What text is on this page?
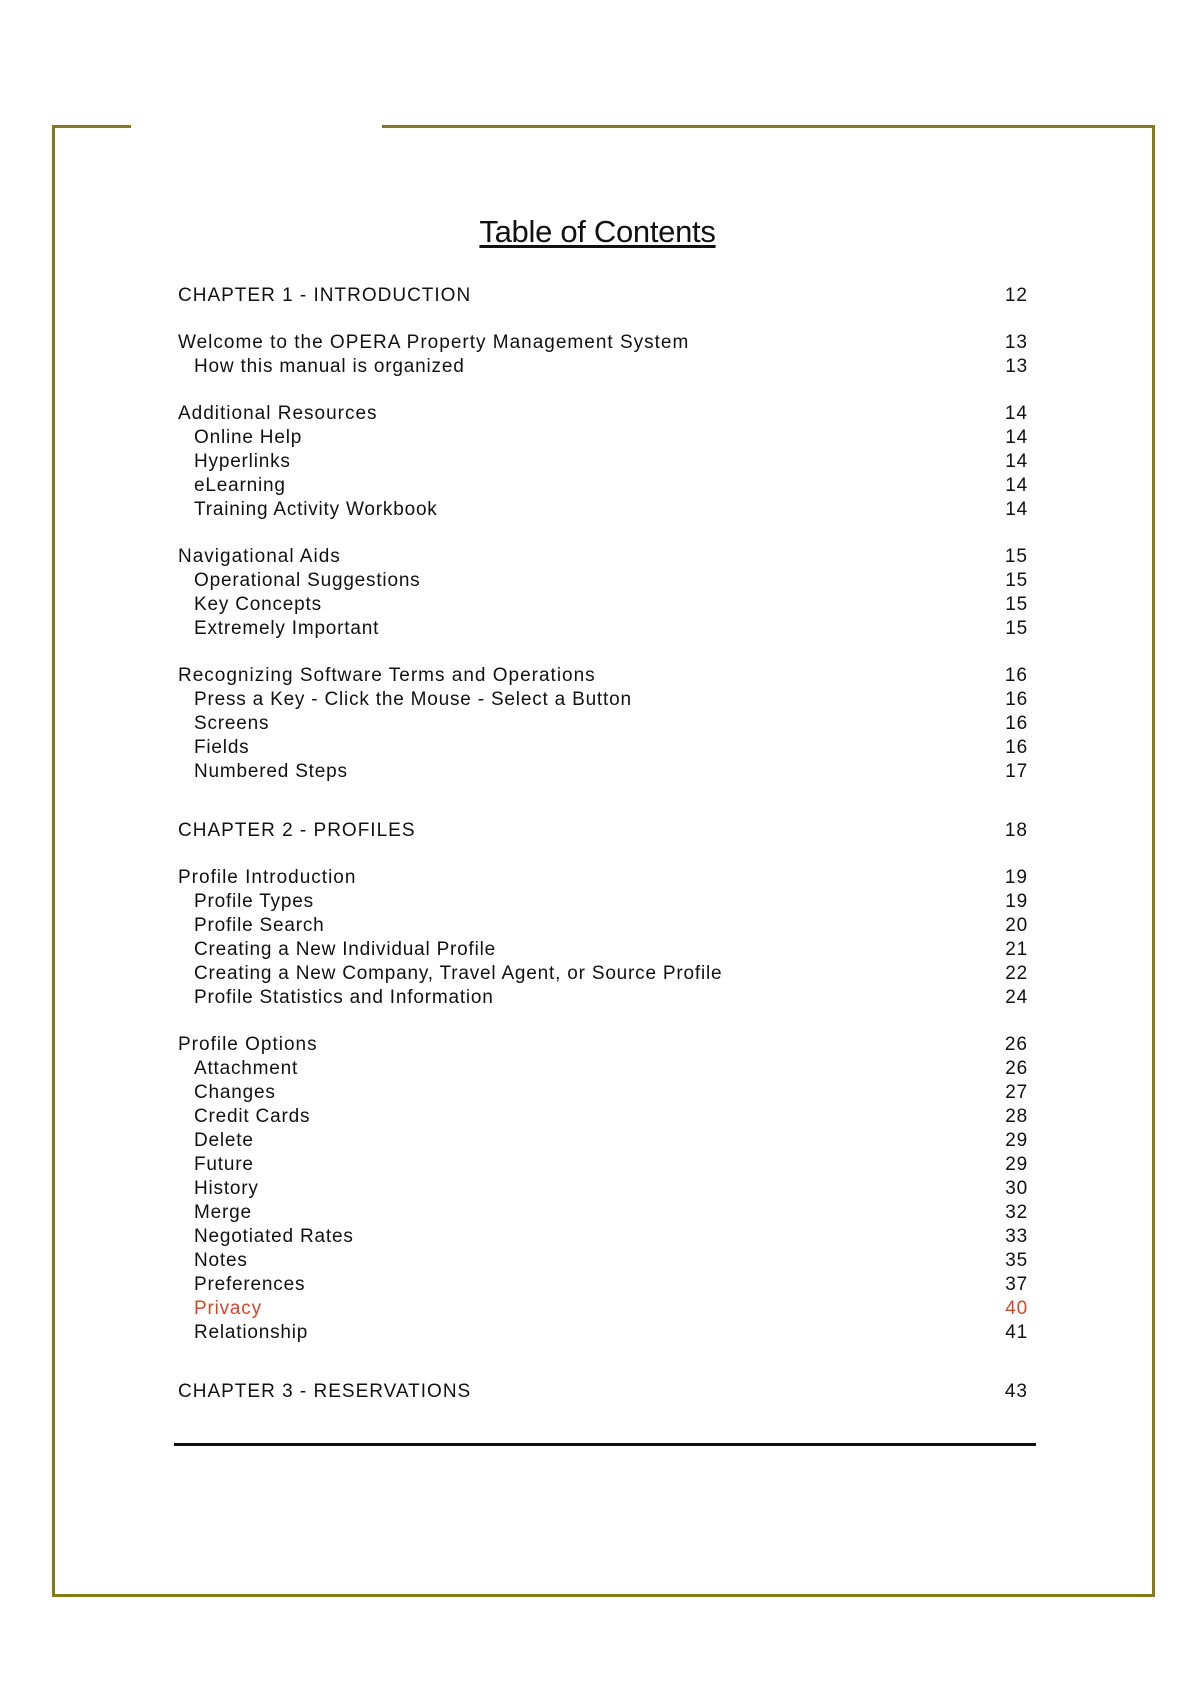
Table of Contents
CHAPTER 1 - INTRODUCTION	12
Welcome to the OPERA Property Management System	13
How this manual is organized	13
Additional Resources	14
Online Help	14
Hyperlinks	14
eLearning	14
Training Activity Workbook	14
Navigational Aids	15
Operational Suggestions	15
Key Concepts	15
Extremely Important	15
Recognizing Software Terms and Operations	16
Press a Key - Click the Mouse - Select a Button	16
Screens	16
Fields	16
Numbered Steps	17
CHAPTER 2 - PROFILES	18
Profile Introduction	19
Profile Types	19
Profile Search	20
Creating a New Individual Profile	21
Creating a New Company, Travel Agent, or Source Profile	22
Profile Statistics and Information	24
Profile Options	26
Attachment	26
Changes	27
Credit Cards	28
Delete	29
Future	29
History	30
Merge	32
Negotiated Rates	33
Notes	35
Preferences	37
Privacy	40
Relationship	41
CHAPTER 3 - RESERVATIONS	43
